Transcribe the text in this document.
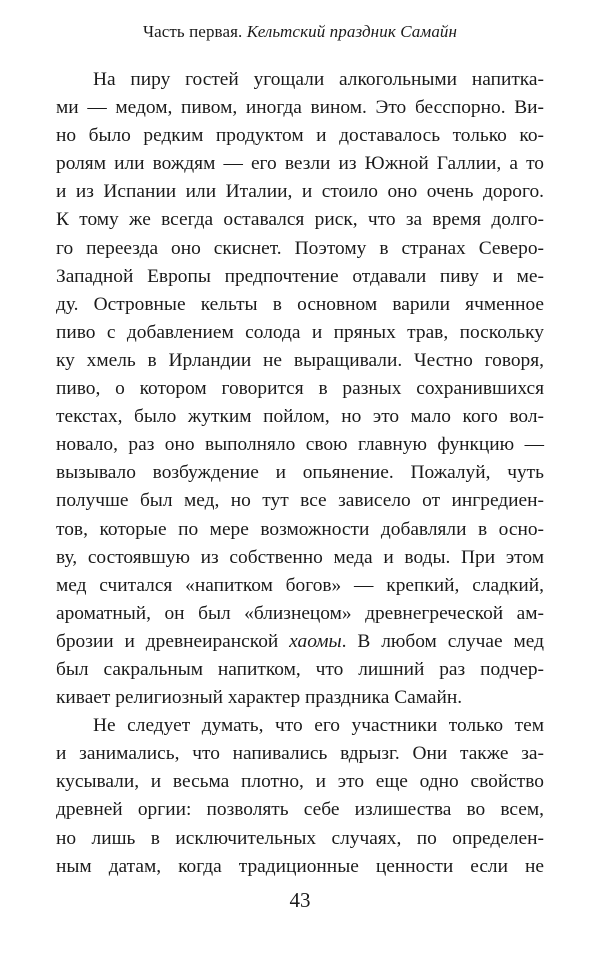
Часть первая. Кельтский праздник Самайн
На пиру гостей угощали алкогольными напитка-
ми — медом, пивом, иногда вином. Это бесспорно. Ви-
но было редким продуктом и доставалось только ко-
ролям или вождям — его везли из Южной Галлии, а то
и из Испании или Италии, и стоило оно очень дорого.
К тому же всегда оставался риск, что за время долго-
го переезда оно скиснет. Поэтому в странах Северо-
Западной Европы предпочтение отдавали пиву и ме-
ду. Островные кельты в основном варили ячменное
пиво с добавлением солода и пряных трав, поскольку
ку хмель в Ирландии не выращивали. Честно говоря,
пиво, о котором говорится в разных сохранившихся
текстах, было жутким пойлом, но это мало кого вол-
новало, раз оно выполняло свою главную функцию —
вызывало возбуждение и опьянение. Пожалуй, чуть
получше был мед, но тут все зависело от ингредиен-
тов, которые по мере возможности добавляли в осно-
ву, состоявшую из собственно меда и воды. При этом
мед считался «напитком богов» — крепкий, сладкий,
ароматный, он был «близнецом» древнегреческой ам-
брозии и древнеиранской хаомы. В любом случае мед
был сакральным напитком, что лишний раз подчер-
кивает религиозный характер праздника Самайн.
Не следует думать, что его участники только тем
и занимались, что напивались вдрызг. Они также за-
кусывали, и весьма плотно, и это еще одно свойство
древней оргии: позволять себе излишества во всем,
но лишь в исключительных случаях, по определен-
ным датам, когда традиционные ценности если не
43
